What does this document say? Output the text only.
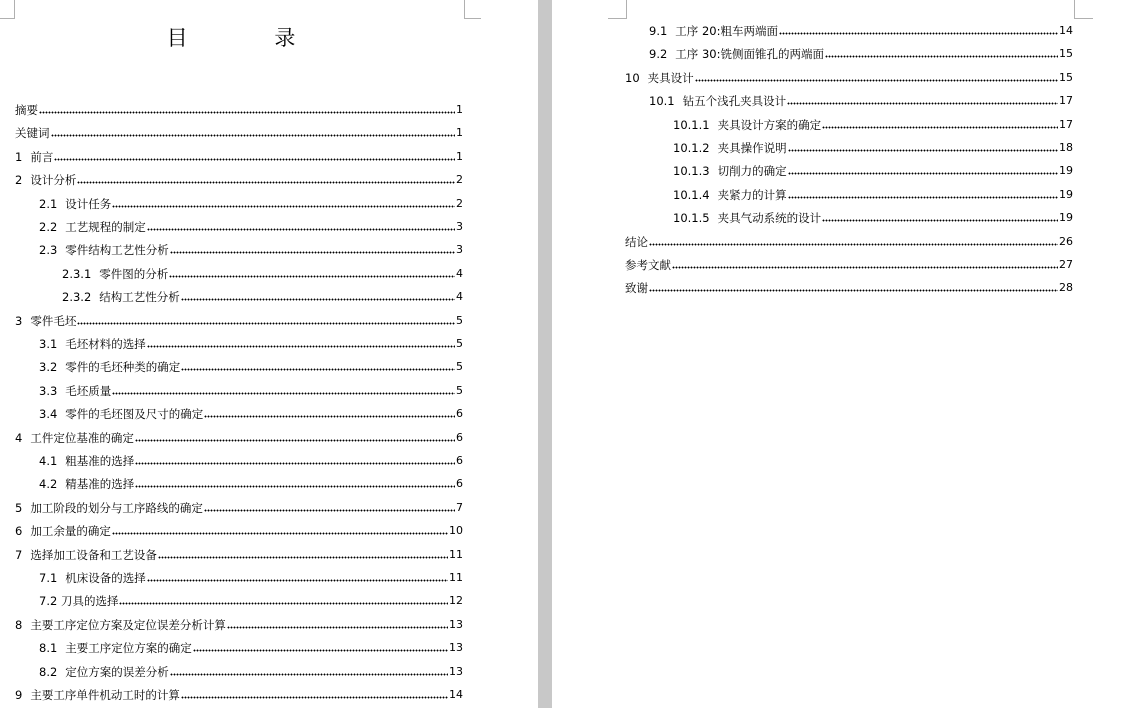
目 录
摘要	1
关键词	1
1 前言	1
2 设计分析	2
2.1 设计任务	2
2.2 工艺规程的制定	3
2.3 零件结构工艺性分析	3
2.3.1 零件图的分析	4
2.3.2 结构工艺性分析	4
3 零件毛坯	5
3.1 毛坯材料的选择	5
3.2 零件的毛坯种类的确定	5
3.3 毛坯质量	5
3.4 零件的毛坯图及尺寸的确定	6
4 工件定位基准的确定	6
4.1 粗基准的选择	6
4.2 精基准的选择	6
5 加工阶段的划分与工序路线的确定	7
6 加工余量的确定	10
7 选择加工设备和工艺设备	11
7.1 机床设备的选择	11
7.2 刀具的选择	12
8 主要工序定位方案及定位误差分析计算	13
8.1 主要工序定位方案的确定	13
8.2 定位方案的误差分析	13
9 主要工序单件机动工时的计算	14
9.1 工序 20:粗车两端面	14
9.2 工序 30:铣侧面锥孔的两端面	15
10 夹具设计	15
10.1 钻五个浅孔夹具设计	17
10.1.1 夹具设计方案的确定	17
10.1.2 夹具操作说明	18
10.1.3 切削力的确定	19
10.1.4 夹紧力的计算	19
10.1.5 夹具气动系统的设计	19
结论	26
参考文献	27
致谢	28
